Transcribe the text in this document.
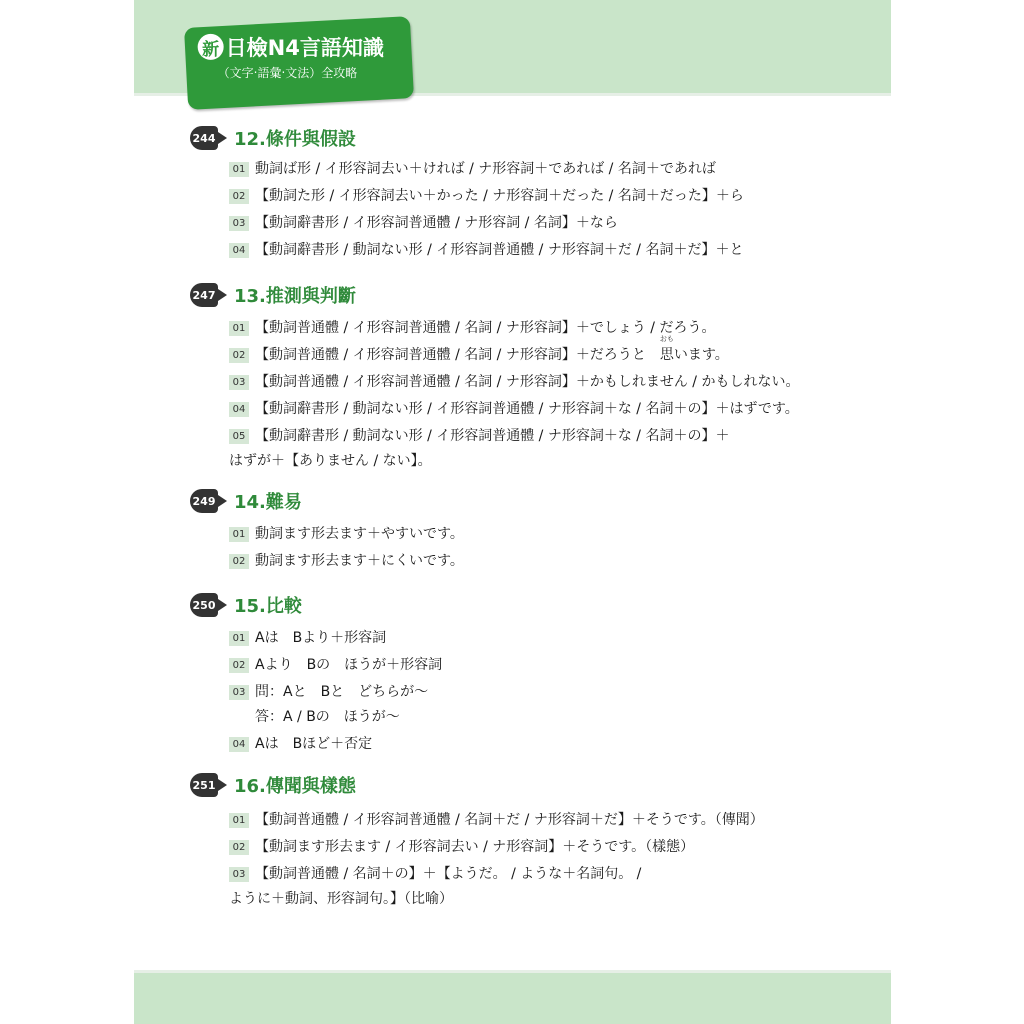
新 日檢N4言語知識
（文字‧語彙‧文法）全攻略
244 12.條件與假設
01 動詞ば形 / イ形容詞去い＋ければ / ナ形容詞＋であれば / 名詞＋であれば
02 【動詞た形 / イ形容詞去い＋かった / ナ形容詞＋だった / 名詞＋だった】＋ら
03 【動詞辭書形 / イ形容詞普通體 / ナ形容詞 / 名詞】＋なら
04 【動詞辭書形 / 動詞ない形 / イ形容詞普通體 / ナ形容詞＋だ / 名詞＋だ】＋と
247 13.推測與判斷
01 【動詞普通體 / イ形容詞普通體 / 名詞 / ナ形容詞】＋でしょう / だろう。
02 【動詞普通體 / イ形容詞普通體 / 名詞 / ナ形容詞】＋だろうと　
おも
思います。
03 【動詞普通體 / イ形容詞普通體 / 名詞 / ナ形容詞】＋かもしれません / かもしれない。
04 【動詞辭書形 / 動詞ない形 / イ形容詞普通體 / ナ形容詞＋な / 名詞＋の】＋はずです。
05 【動詞辭書形 / 動詞ない形 / イ形容詞普通體 / ナ形容詞＋な / 名詞＋の】＋
はずが＋【ありません / ない】。
249 14.難易
01 動詞ます形去ます＋やすいです。
02 動詞ます形去ます＋にくいです。
250 15.比較
01 Aは　Bより＋形容詞
02 Aより　Bの　ほうが＋形容詞
03 問：Aと　Bと　どちらが～
答：A / Bの　ほうが～
04 Aは　Bほど＋否定
251 16.傳聞與樣態
01 【動詞普通體 / イ形容詞普通體 / 名詞＋だ / ナ形容詞＋だ】＋そうです。（傳聞）
02 【動詞ます形去ます / イ形容詞去い / ナ形容詞】＋そうです。（樣態）
03 【動詞普通體 / 名詞＋の】＋【ようだ。 / ような＋名詞句。 /
ように＋動詞、形容詞句。】（比喻）
